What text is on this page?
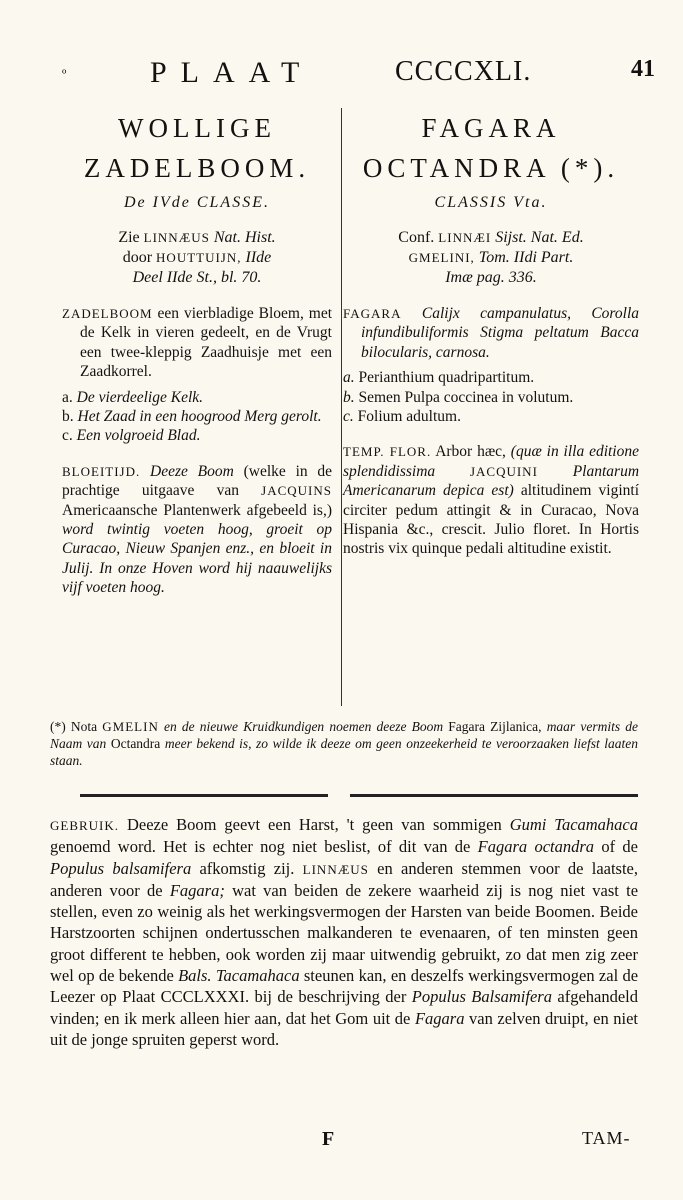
º	PLAAT	CCCCXLI.	41
WOLLIGE
ZADELBOOM.
De IVde CLASSE.
Zie LINNÆUS Nat. Hist.
door HOUTTUIJN, IIde
Deel IIde St., bl. 70.
ZADELBOOM een vierbladige Bloem, met de Kelk in vieren gedeelt, en de Vrugt een twee-kleppig Zaadhuisje met een Zaadkorrel.
a. De vierdeelige Kelk.
b. Het Zaad in een hoogrood Merg gerolt.
c. Een volgroeid Blad.
BLOEITIJD. Deeze Boom (welke in de prachtige uitgaave van JACQUINS Americaansche Plantenwerk afgebeeld is,) word twintig voeten hoog, groeit op Curacao, Nieuw Spanjen enz., en bloeit in Julij. In onze Hoven word hij naauwelijks vijf voeten hoog.
FAGARA
OCTANDRA (*).
CLASSIS Vta.
Conf. LINNÆI Sijst. Nat. Ed.
GMELINI, Tom. IIdi Part.
Imæ pag. 336.
FAGARA Calijx campanulatus, Corolla infundibuliformis Stigma peltatum Bacca bilocularis, carnosa.
a. Perianthium quadripartitum.
b. Semen Pulpa coccinea in volutum.
c. Folium adultum.
TEMP. FLOR. Arbor hæc, (quæ in illa editione splendidissima	JACQUINI Plantarum Americanarum depica est) altitudinem vigintí circiter pedum attingit & in Curacao, Nova Hispania &c., crescit. Julio floret. In Hortis nostris vix quinque pedali altitudine existit.
(*) Nota GMELIN en de nieuwe Kruidkundigen noemen deeze Boom Fagara Zijlanica, maar vermits de Naam van Octandra meer bekend is, zo wilde ik deeze om geen onzeekerheid te veroorzaaken liefst laaten staan.
GEBRUIK. Deeze Boom geevt een Harst, 't geen van sommigen Gumi Tacamahaca genoemd word. Het is echter nog niet beslist, of dit van de Fagara octandra of de Populus balsamifera afkomstig zij. LINNÆUS en anderen stemmen voor de laatste, anderen voor de Fagara; wat van beiden de zekere waarheid zij is nog niet vast te stellen, even zo weinig als het werkingsvermogen der Harsten van beide Boomen. Beide Harstzoorten schijnen ondertusschen malkanderen te evenaaren, of ten minsten geen groot different te hebben, ook worden zij maar uitwendig gebruikt, zo dat men zig zeer wel op de bekende Bals. Tacamahaca steunen kan, en deszelfs werkingsvermogen zal de Leezer op Plaat CCCLXXXI. bij de beschrijving der Populus Balsamifera afgehandeld vinden; en ik merk alleen hier aan, dat het Gom uit de Fagara van zelven druipt, en niet uit de jonge spruiten geperst word.
F	TAM-
